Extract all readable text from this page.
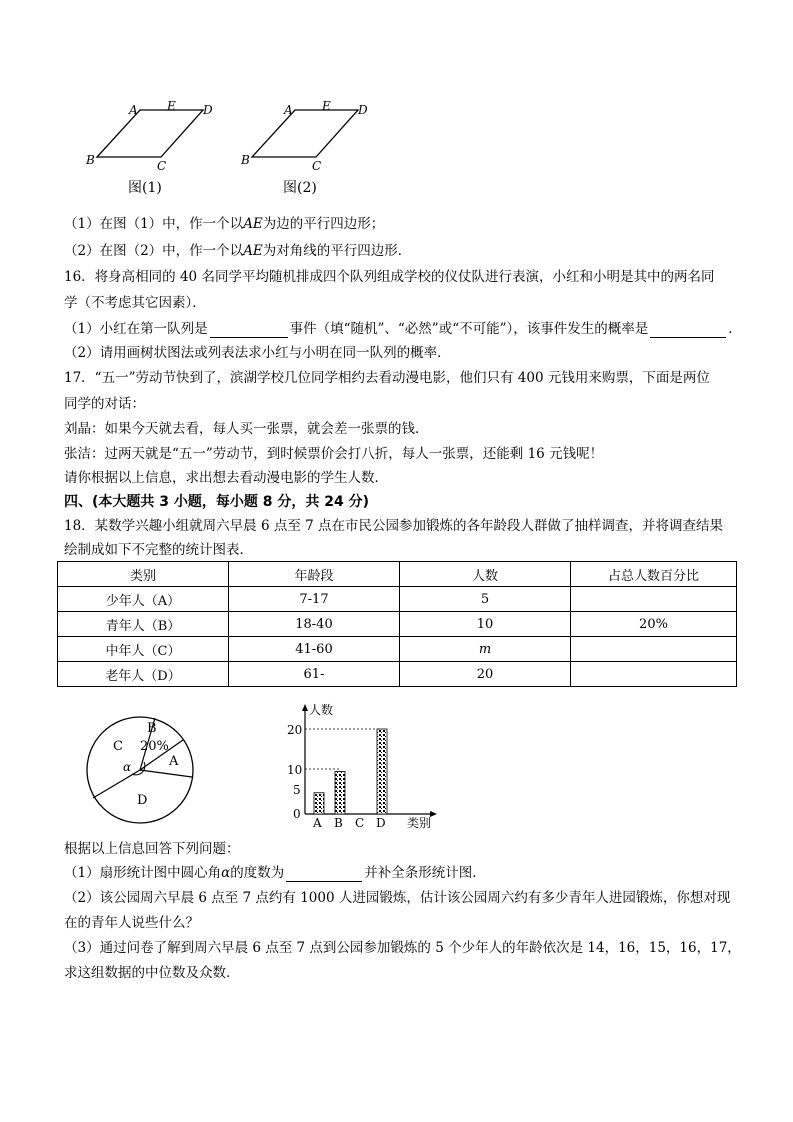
A E D
B	C
图(1)
A E D
B	C
图(2)
（1）在图（1）中，作一个以AE为边的平行四边形；
（2）在图（2）中，作一个以AE为对角线的平行四边形．
16．将身高相同的 40 名同学平均随机排成四个队列组成学校的仪仗队进行表演，小红和小明是其中的两名同
学（不考虑其它因素）．
（1）小红在第一队列是	事件（填“随机”、“必然”或“不可能”），该事件发生的概率是	．
（2）请用画树状图法或列表法求小红与小明在同一队列的概率．
17．“五一”劳动节快到了，滨湖学校几位同学相约去看动漫电影，他们只有 400 元钱用来购票，下面是两位
同学的对话：
刘晶：如果今天就去看，每人买一张票，就会差一张票的钱．
张洁：过两天就是“五一”劳动节，到时候票价会打八折，每人一张票，还能剩 16 元钱呢！
请你根据以上信息，求出想去看动漫电影的学生人数．
四、(本大题共 3 小题，每小题 8 分，共 24 分)
18．某数学兴趣小组就周六早晨 6 点至 7 点在市民公园参加锻炼的各年龄段人群做了抽样调查，并将调查结果
绘制成如下不完整的统计图表．
类别	年龄段	人数	占总人数百分比
少年人（A）	7-17	5	
青年人（B）	18-40	10	20%
中年人（C）	41-60	m	
老年人（D）	61-	20	
B
20%
C
α	A
D
人数
20
10
5
0
A B C D 类别
根据以上信息回答下列问题：
（1）扇形统计图中圆心角α的度数为	并补全条形统计图．
（2）该公园周六早晨 6 点至 7 点约有 1000 人进园锻炼，估计该公园周六约有多少青年人进园锻炼，你想对现
在的青年人说些什么？
（3）通过问卷了解到周六早晨 6 点至 7 点到公园参加锻炼的 5 个少年人的年龄依次是 14，16，15，16，17，
求这组数据的中位数及众数．
